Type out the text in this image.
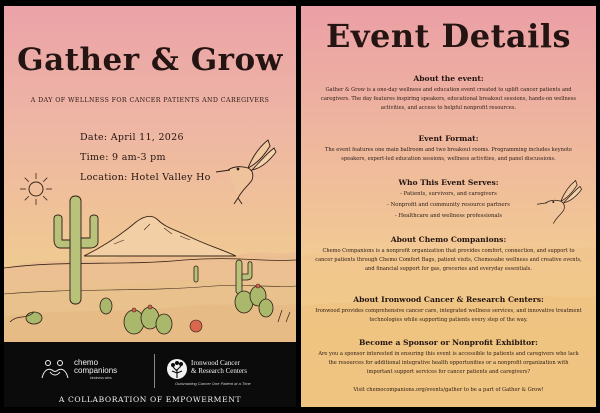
Gather & Grow
A DAY OF WELLNESS FOR CANCER PATIENTS AND CAREGIVERS
Date: April 11, 2026
Time: 9 am-3 pm
Location: Hotel Valley Ho
chemo
companions
kindness wins
Ironwood Cancer
& Research Centers
Outsmarting Cancer One Patient at a Time
A COLLABORATION OF EMPOWERMENT
Event Details
About the event:
Gather & Grow is a one-day wellness and education event created to uplift cancer patients and caregivers. The day features inspiring speakers, educational breakout sessions, hands-on wellness activities, and access to helpful nonprofit resources.
Event Format:
The event features one main ballroom and two breakout rooms. Programming includes keynote speakers, expert-led education sessions, wellness activities, and panel discussions.
Who This Event Serves:
- Patients, survivors, and caregivers
- Nonprofit and community resource partners
- Healthcare and wellness professionals
About Chemo Companions:
Chemo Companions is a nonprofit organization that provides comfort, connection, and support to cancer patients through Chemo Comfort Bags, patient visits, Chemosabe wellness and creative events, and financial support for gas, groceries and everyday essentials.
About Ironwood Cancer & Research Centers:
Ironwood provides comprehensive cancer care, integrated wellness services, and innovative treatment technologies while supporting patients every step of the way.
Become a Sponsor or Nonprofit Exhibitor:
Are you a sponsor interested in ensuring this event is accessible to patients and caregivers who lack the resources for additional integrative health opportunities or a nonprofit organization with important support services for cancer patients and caregivers?
Visit chemocompanions.org/events/gather to be a part of Gather & Grow!
